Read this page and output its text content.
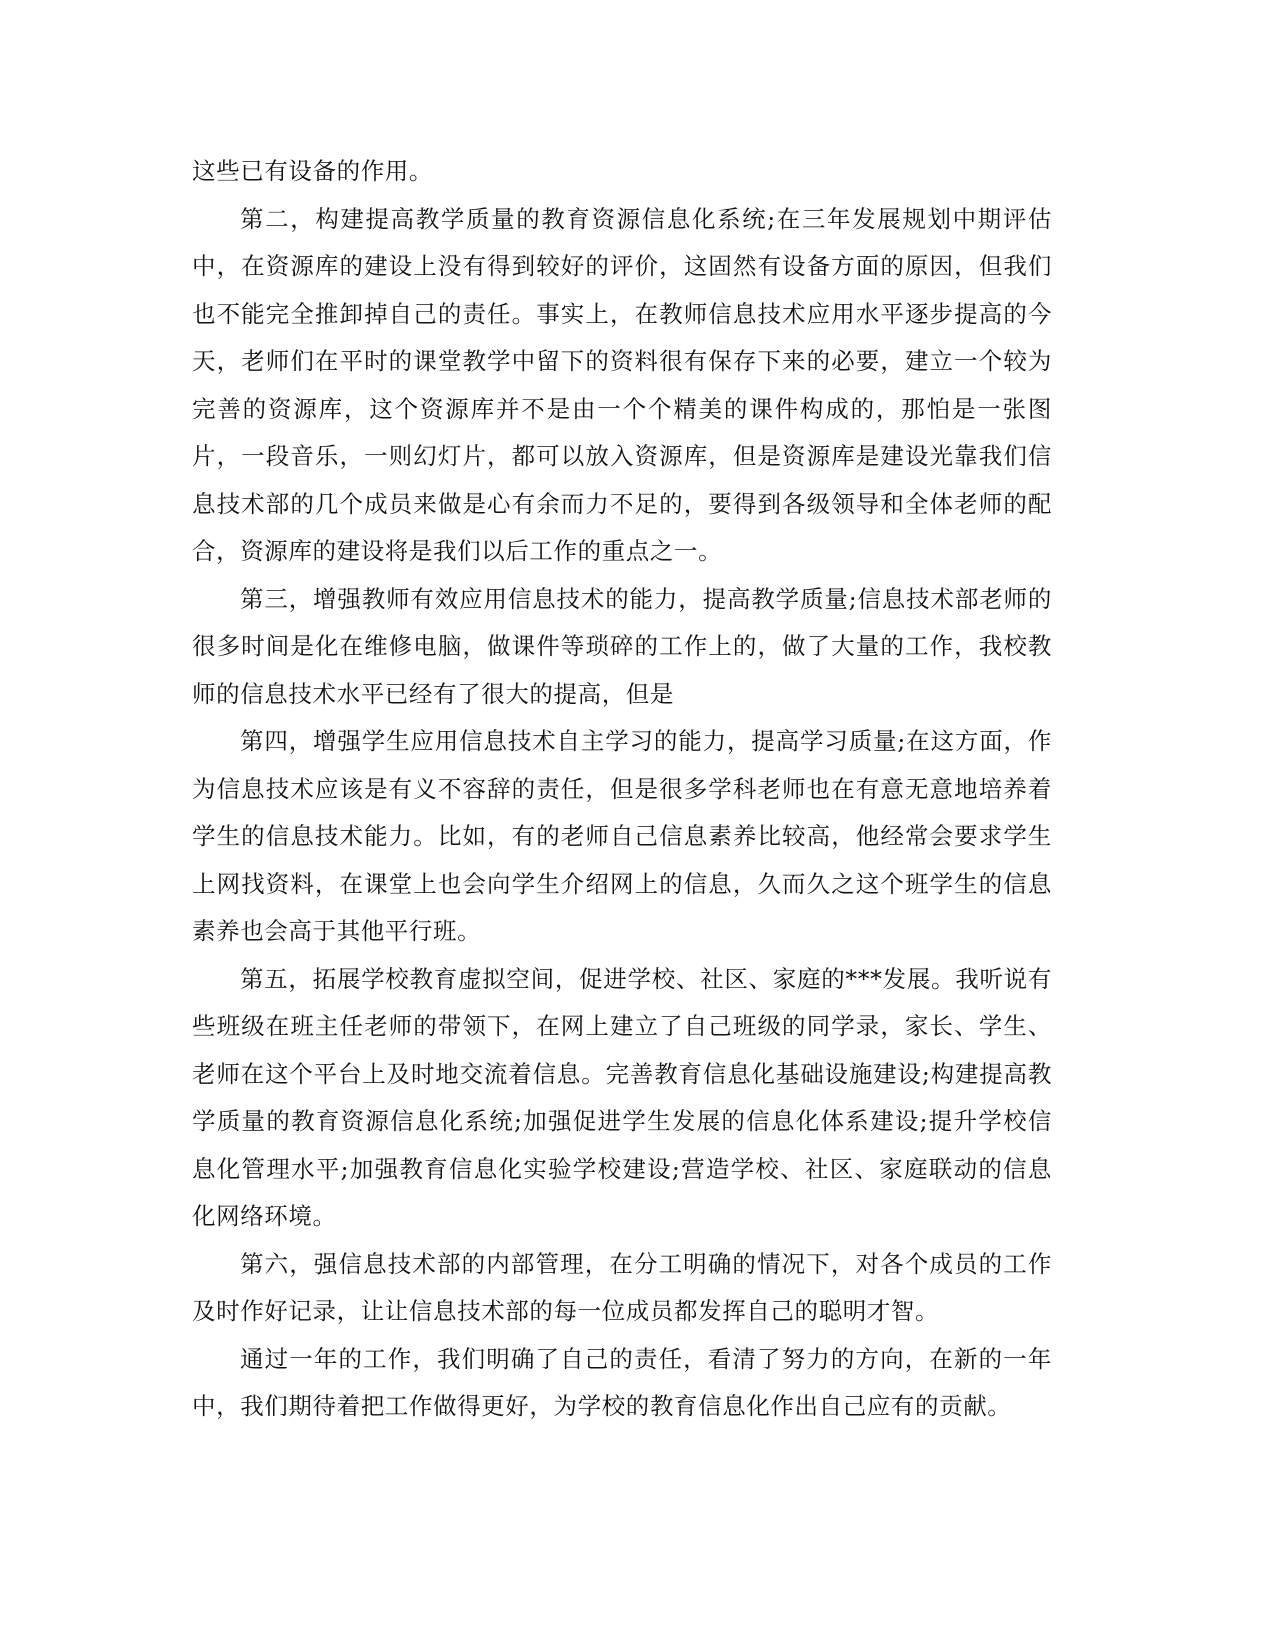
这些已有设备的作用。

第二，构建提高教学质量的教育资源信息化系统;在三年发展规划中期评估中，在资源库的建设上没有得到较好的评价，这固然有设备方面的原因，但我们也不能完全推卸掉自己的责任。事实上，在教师信息技术应用水平逐步提高的今天，老师们在平时的课堂教学中留下的资料很有保存下来的必要，建立一个较为完善的资源库，这个资源库并不是由一个个精美的课件构成的，那怕是一张图片，一段音乐，一则幻灯片，都可以放入资源库，但是资源库是建设光靠我们信息技术部的几个成员来做是心有余而力不足的，要得到各级领导和全体老师的配合，资源库的建设将是我们以后工作的重点之一。

第三，增强教师有效应用信息技术的能力，提高教学质量;信息技术部老师的很多时间是化在维修电脑，做课件等琐碎的工作上的，做了大量的工作，我校教师的信息技术水平已经有了很大的提高，但是

第四，增强学生应用信息技术自主学习的能力，提高学习质量;在这方面，作为信息技术应该是有义不容辞的责任，但是很多学科老师也在有意无意地培养着学生的信息技术能力。比如，有的老师自己信息素养比较高，他经常会要求学生上网找资料，在课堂上也会向学生介绍网上的信息，久而久之这个班学生的信息素养也会高于其他平行班。

第五，拓展学校教育虚拟空间，促进学校、社区、家庭的***发展。我听说有些班级在班主任老师的带领下，在网上建立了自己班级的同学录，家长、学生、老师在这个平台上及时地交流着信息。完善教育信息化基础设施建设;构建提高教学质量的教育资源信息化系统;加强促进学生发展的信息化体系建设;提升学校信息化管理水平;加强教育信息化实验学校建设;营造学校、社区、家庭联动的信息化网络环境。

第六，强信息技术部的内部管理，在分工明确的情况下，对各个成员的工作及时作好记录，让让信息技术部的每一位成员都发挥自己的聪明才智。

通过一年的工作，我们明确了自己的责任，看清了努力的方向，在新的一年中，我们期待着把工作做得更好，为学校的教育信息化作出自己应有的贡献。
